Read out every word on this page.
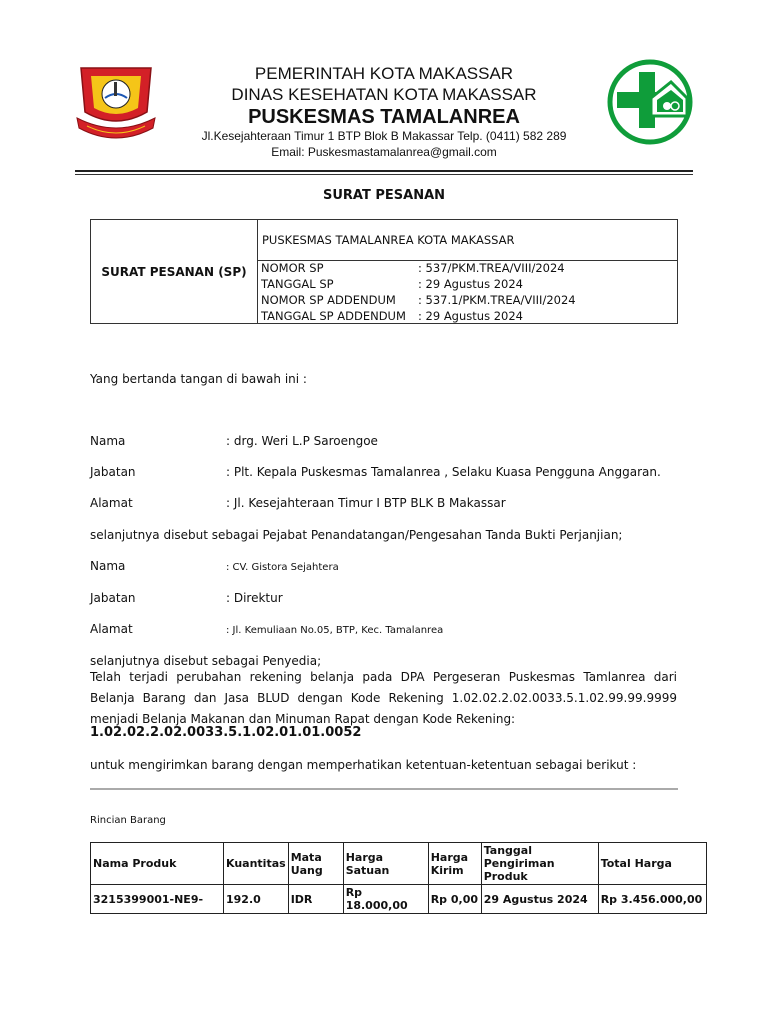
PEMERINTAH KOTA MAKASSAR
DINAS KESEHATAN KOTA MAKASSAR
PUSKESMAS TAMALANREA
Jl.Kesejahteraan Timur 1 BTP Blok B Makassar Telp. (0411) 582 289
Email: Puskesmastamalanrea@gmail.com
SURAT PESANAN
SURAT PESANAN (SP)
PUSKESMAS TAMALANREA KOTA MAKASSAR
NOMOR SP	: 537/PKM.TREA/VIII/2024
TANGGAL SP	: 29 Agustus 2024
NOMOR SP ADDENDUM : 537.1/PKM.TREA/VIII/2024
TANGGAL SP ADDENDUM : 29 Agustus 2024
Yang bertanda tangan di bawah ini :
Nama	: drg. Weri L.P Saroengoe
Jabatan	: Plt. Kepala Puskesmas Tamalanrea , Selaku Kuasa Pengguna Anggaran.
Alamat	: Jl. Kesejahteraan Timur I BTP BLK B Makassar
selanjutnya disebut sebagai Pejabat Penandatangan/Pengesahan Tanda Bukti Perjanjian;
Nama	: CV. Gistora Sejahtera
Jabatan	: Direktur
Alamat	: Jl. Kemuliaan No.05, BTP, Kec. Tamalanrea
selanjutnya disebut sebagai Penyedia;
Telah terjadi perubahan rekening belanja pada DPA Pergeseran Puskesmas Tamlanrea dari Belanja Barang dan Jasa BLUD dengan Kode Rekening 1.02.02.2.02.0033.5.1.02.99.99.9999 menjadi Belanja Makanan dan Minuman Rapat dengan Kode Rekening:
1.02.02.2.02.0033.5.1.02.01.01.0052
untuk mengirimkan barang dengan memperhatikan ketentuan-ketentuan sebagai berikut :
Rincian Barang
Nama Produk	Kuantitas	Mata Uang	Harga Satuan	Harga Kirim	Tanggal Pengiriman Produk	Total Harga
3215399001-NE9-	192.0	IDR	Rp 18.000,00	Rp 0,00	29 Agustus 2024	Rp 3.456.000,00
